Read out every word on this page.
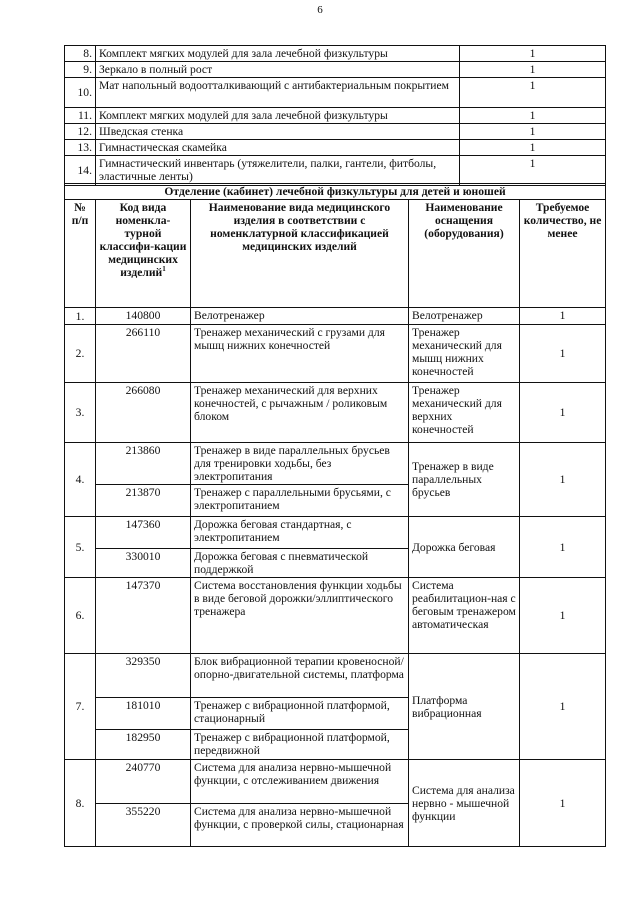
6
8.	Комплект мягких модулей для зала лечебной физкультуры	1
9.	Зеркало в полный рост	1
10.	Мат напольный водоотталкивающий с антибактериальным покрытием	1
11.	Комплект мягких модулей для зала лечебной физкультуры	1
12.	Шведская стенка	1
13.	Гимнастическая скамейка	1
14.	Гимнастический инвентарь (утяжелители, палки, гантели, фитболы, эластичные ленты)	1
Отделение (кабинет) лечебной физкультуры для детей и юношей				
№ п/п	Код вида номенкла-турной классифи-кации медицинских изделий$^1$	Наименование вида медицинского изделия в соответствии с номенклатурной классификацией медицинских изделий	Наименование оснащения (оборудования)	Требуемое количество, не менее
1.	140800	Велотренажер	Велотренажер	1
2.	266110	Тренажер механический с грузами для мышц нижних конечностей	Тренажер механический для мышц нижних конечностей	1
3.	266080	Тренажер механический для верхних конечностей, с рычажным / роликовым блоком	Тренажер механический для верхних конечностей	1
4.	213860	Тренажер в виде параллельных брусьев для тренировки ходьбы, без электропитания	Тренажер в виде параллельных брусьев	1
	213870	Тренажер с параллельными брусьями, с электропитанием		
5.	147360	Дорожка беговая стандартная, с электропитанием	Дорожка беговая	1
	330010	Дорожка беговая с пневматической поддержкой		
6.	147370	Система восстановления функции ходьбы в виде беговой дорожки/эллиптического тренажера	Система реабилитацион-ная с беговым тренажером автоматическая	1
7.	329350	Блок вибрационной терапии кровеносной/опорно-двигательной системы, платформа	Платформа вибрационная	1
	181010	Тренажер с вибрационной платформой, стационарный		
	182950	Тренажер с вибрационной платформой, передвижной		
8.	240770	Система для анализа нервно-мышечной функции, с отслеживанием движения	Система для анализа нервно - мышечной функции	1
	355220	Система для анализа нервно-мышечной функции, с проверкой силы, стационарная		
